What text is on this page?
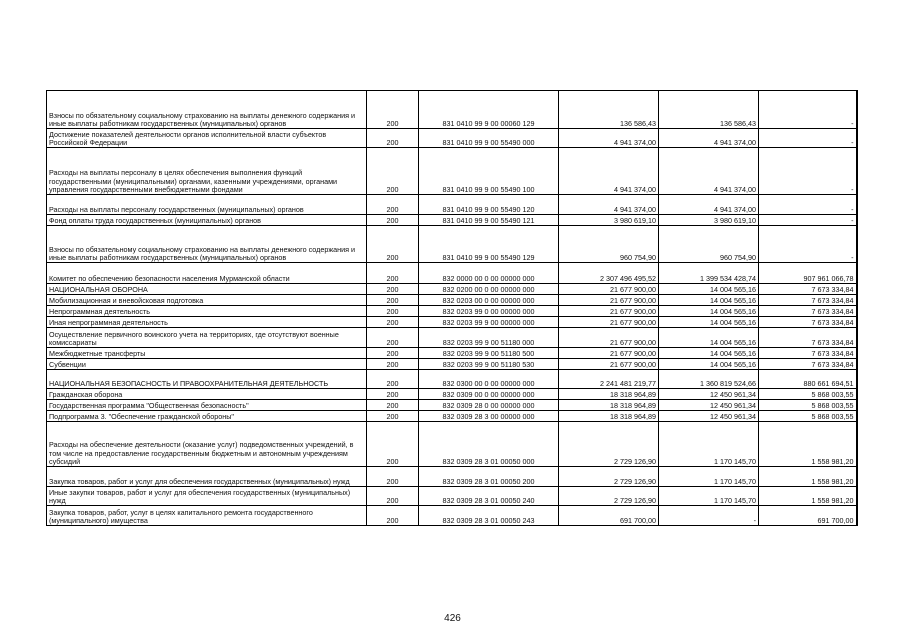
Взносы по обязательному социальному страхованию на выплаты денежного содержания и иные выплаты работникам государственных (муниципальных) органов	200	831 0410 99 9 00 00060 129	136 586,43	136 586,43	-
Достижение показателей деятельности органов исполнительной власти субъектов Российской Федерации	200	831 0410 99 9 00 55490 000	4 941 374,00	4 941 374,00	-
Расходы на выплаты персоналу в целях обеспечения выполнения функций государственными (муниципальными) органами, казенными учреждениями, органами управления государственными внебюджетными фондами	200	831 0410 99 9 00 55490 100	4 941 374,00	4 941 374,00	-
Расходы на выплаты персоналу государственных (муниципальных) органов	200	831 0410 99 9 00 55490 120	4 941 374,00	4 941 374,00	-
Фонд оплаты труда государственных (муниципальных) органов	200	831 0410 99 9 00 55490 121	3 980 619,10	3 980 619,10	-
Взносы по обязательному социальному страхованию на выплаты денежного содержания и иные выплаты работникам государственных (муниципальных) органов	200	831 0410 99 9 00 55490 129	960 754,90	960 754,90	-
Комитет по обеспечению безопасности населения Мурманской области	200	832 0000 00 0 00 00000 000	2 307 496 495,52	1 399 534 428,74	907 961 066,78
НАЦИОНАЛЬНАЯ ОБОРОНА	200	832 0200 00 0 00 00000 000	21 677 900,00	14 004 565,16	7 673 334,84
Мобилизационная и вневойсковая подготовка	200	832 0203 00 0 00 00000 000	21 677 900,00	14 004 565,16	7 673 334,84
Непрограммная деятельность	200	832 0203 99 0 00 00000 000	21 677 900,00	14 004 565,16	7 673 334,84
Иная непрограммная деятельность	200	832 0203 99 9 00 00000 000	21 677 900,00	14 004 565,16	7 673 334,84
Осуществление первичного воинского учета на территориях, где отсутствуют военные комиссариаты	200	832 0203 99 9 00 51180 000	21 677 900,00	14 004 565,16	7 673 334,84
Межбюджетные трансферты	200	832 0203 99 9 00 51180 500	21 677 900,00	14 004 565,16	7 673 334,84
Субвенции	200	832 0203 99 9 00 51180 530	21 677 900,00	14 004 565,16	7 673 334,84
НАЦИОНАЛЬНАЯ БЕЗОПАСНОСТЬ И ПРАВООХРАНИТЕЛЬНАЯ ДЕЯТЕЛЬНОСТЬ	200	832 0300 00 0 00 00000 000	2 241 481 219,77	1 360 819 524,66	880 661 694,51
Гражданская оборона	200	832 0309 00 0 00 00000 000	18 318 964,89	12 450 961,34	5 868 003,55
Государственная программа "Общественная безопасность"	200	832 0309 28 0 00 00000 000	18 318 964,89	12 450 961,34	5 868 003,55
Подпрограмма 3. "Обеспечение гражданской обороны"	200	832 0309 28 3 00 00000 000	18 318 964,89	12 450 961,34	5 868 003,55
Расходы на обеспечение деятельности (оказание услуг) подведомственных учреждений, в том числе на предоставление государственным бюджетным и автономным учреждениям субсидий	200	832 0309 28 3 01 00050 000	2 729 126,90	1 170 145,70	1 558 981,20
Закупка товаров, работ и услуг для обеспечения государственных (муниципальных) нужд	200	832 0309 28 3 01 00050 200	2 729 126,90	1 170 145,70	1 558 981,20
Иные закупки товаров, работ и услуг для обеспечения государственных (муниципальных) нужд	200	832 0309 28 3 01 00050 240	2 729 126,90	1 170 145,70	1 558 981,20
Закупка товаров, работ, услуг в целях капитального ремонта государственного (муниципального) имущества	200	832 0309 28 3 01 00050 243	691 700,00	-	691 700,00
426
